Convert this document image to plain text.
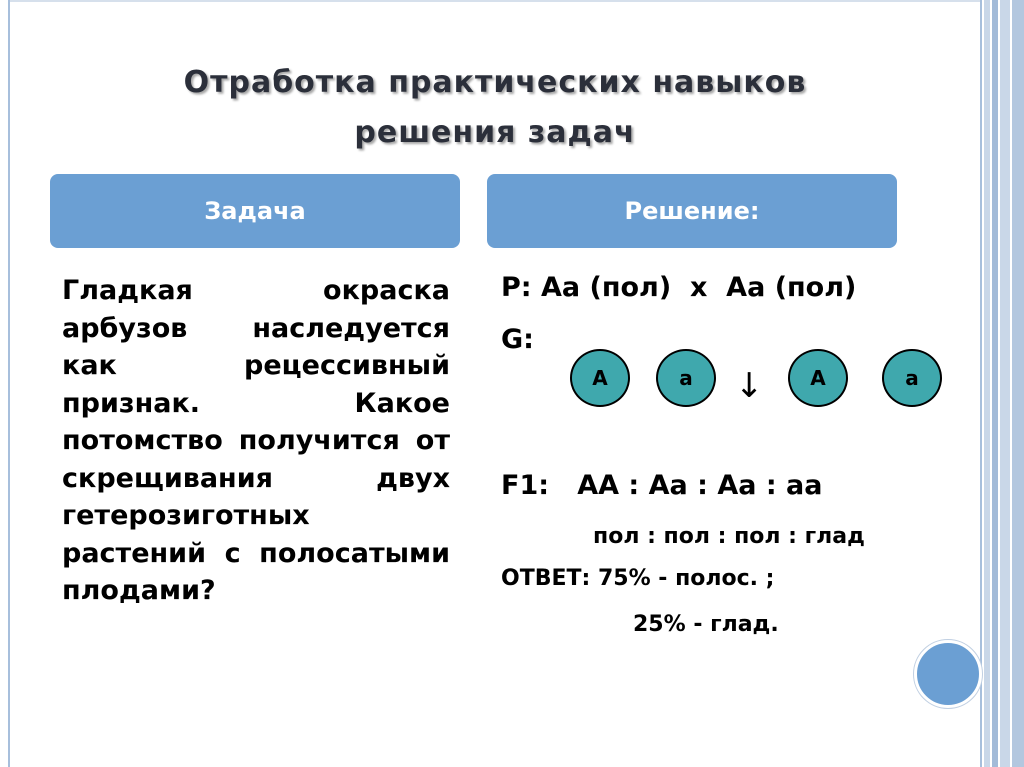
Отработка практических навыков
решения задач
Задача	Решение:
Гладкая окраска арбузов наследуется как рецессивный признак. Какое потомство получится от скрещивания двух гетерозиготных растений с полосатыми плодами?
Р: Аа (пол)  х  Аа (пол)
G:
А	а	↓	А	а
F1:   АА : Аа : Аа : аа
пол : пол : пол : глад
ОТВЕТ: 75% - полос. ;
25% - глад.
